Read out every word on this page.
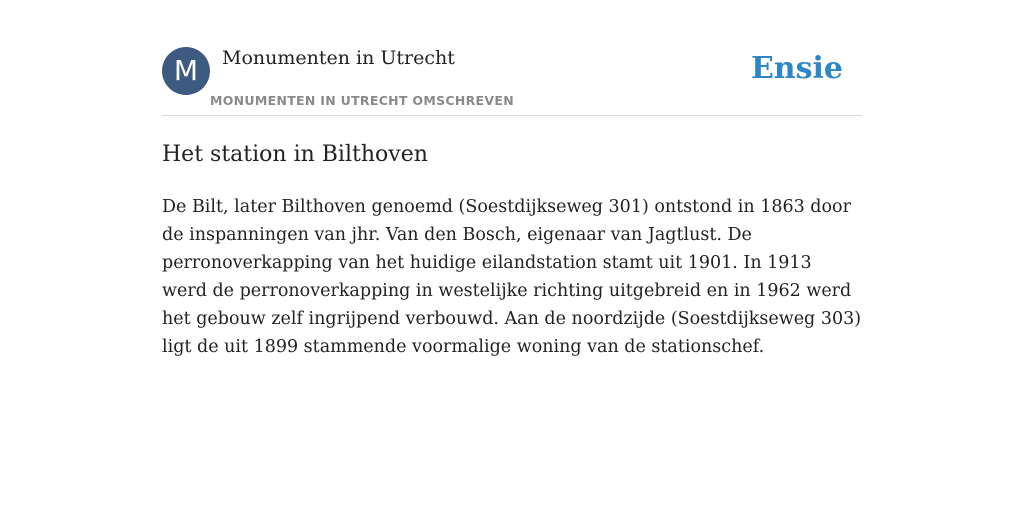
M	Monumenten in Utrecht
MONUMENTEN IN UTRECHT OMSCHREVEN
Ensie
Het station in Bilthoven

De Bilt, later Bilthoven genoemd (Soestdijkseweg 301) ontstond in 1863 door de inspanningen van jhr. Van den Bosch, eigenaar van Jagtlust. De perronoverkapping van het huidige eilandstation stamt uit 1901. In 1913 werd de perronoverkapping in westelijke richting uitgebreid en in 1962 werd het gebouw zelf ingrijpend verbouwd. Aan de noordzijde (Soestdijkseweg 303) ligt de uit 1899 stammende voormalige woning van de stationschef.
